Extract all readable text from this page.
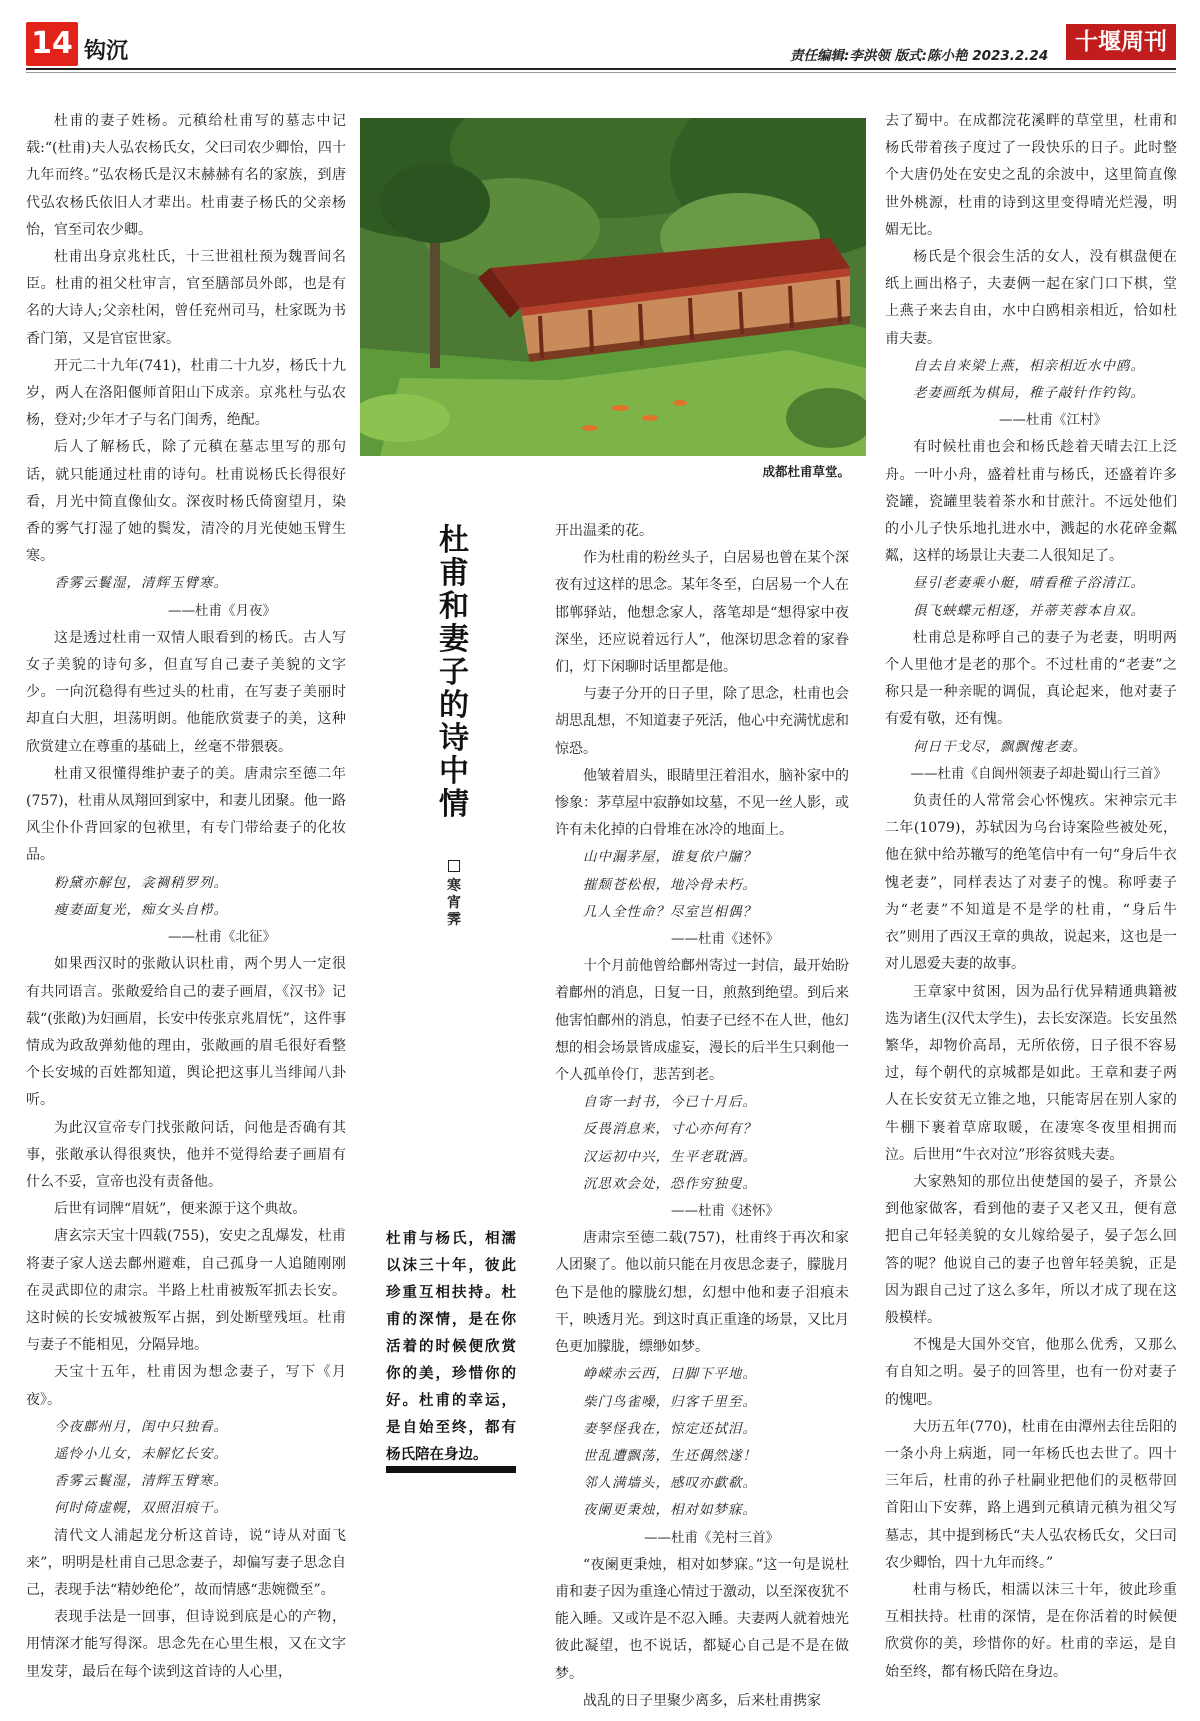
14 钩沉	责任编辑:李洪领 版式:陈小艳 2023.2.24
十堰周刊

杜甫的妻子姓杨。元稹给杜甫写的墓志中记载:“(杜甫)夫人弘农杨氏女，父曰司农少卿怡，四十九年而终。”弘农杨氏是汉末赫赫有名的家族，到唐代弘农杨氏依旧人才辈出。杜甫妻子杨氏的父亲杨怡，官至司农少卿。

杜甫出身京兆杜氏，十三世祖杜预为魏晋间名臣。杜甫的祖父杜审言，官至膳部员外郎，也是有名的大诗人;父亲杜闲，曾任兖州司马，杜家既为书香门第，又是官宦世家。

开元二十九年(741)，杜甫二十九岁，杨氏十九岁，两人在洛阳偃师首阳山下成亲。京兆杜与弘农杨，登对;少年才子与名门闺秀，绝配。

后人了解杨氏，除了元稹在墓志里写的那句话，就只能通过杜甫的诗句。杜甫说杨氏长得很好看，月光中简直像仙女。深夜时杨氏倚窗望月，染香的雾气打湿了她的鬓发，清冷的月光使她玉臂生寒。

香雾云鬟湿，清辉玉臂寒。

——杜甫《月夜》

这是透过杜甫一双情人眼看到的杨氏。古人写女子美貌的诗句多，但直写自己妻子美貌的文字少。一向沉稳得有些过头的杜甫，在写妻子美丽时却直白大胆，坦荡明朗。他能欣赏妻子的美，这种欣赏建立在尊重的基础上，丝毫不带猥亵。

杜甫又很懂得维护妻子的美。唐肃宗至德二年(757)，杜甫从凤翔回到家中，和妻儿团聚。他一路风尘仆仆背回家的包袱里，有专门带给妻子的化妆品。

粉黛亦解包，衾裯稍罗列。

瘦妻面复光，痴女头自栉。

——杜甫《北征》

如果西汉时的张敞认识杜甫，两个男人一定很有共同语言。张敞爱给自己的妻子画眉，《汉书》记载“(张敞)为妇画眉，长安中传张京兆眉怃”，这件事情成为政敌弹劾他的理由，张敞画的眉毛很好看整个长安城的百姓都知道，舆论把这事儿当绯闻八卦听。

为此汉宣帝专门找张敞问话，问他是否确有其事，张敞承认得很爽快，他并不觉得给妻子画眉有什么不妥，宣帝也没有责备他。

后世有词牌“眉妩”，便来源于这个典故。

唐玄宗天宝十四载(755)，安史之乱爆发，杜甫将妻子家人送去鄜州避难，自己孤身一人追随刚刚在灵武即位的肃宗。半路上杜甫被叛军抓去长安。这时候的长安城被叛军占据，到处断壁残垣。杜甫与妻子不能相见，分隔异地。

天宝十五年，杜甫因为想念妻子，写下《月夜》。

今夜鄜州月，闺中只独看。

遥怜小儿女，未解忆长安。

香雾云鬟湿，清辉玉臂寒。

何时倚虚幌，双照泪痕干。

清代文人浦起龙分析这首诗，说“诗从对面飞来”，明明是杜甫自己思念妻子，却偏写妻子思念自己，表现手法“精妙绝伦”，故而情感“悲婉微至”。

表现手法是一回事，但诗说到底是心的产物，用情深才能写得深。思念先在心里生根，又在文字里发芽，最后在每个读到这首诗的人心里，

成都杜甫草堂。
杜甫和妻子的诗中情
寒宵霁
杜甫与杨氏，相濡以沫三十年，彼此珍重互相扶持。杜甫的深情，是在你活着的时候便欣赏你的美，珍惜你的好。杜甫的幸运，是自始至终，都有杨氏陪在身边。

开出温柔的花。

作为杜甫的粉丝头子，白居易也曾在某个深夜有过这样的思念。某年冬至，白居易一个人在邯郸驿站，他想念家人，落笔却是“想得家中夜深坐，还应说着远行人”，他深切思念着的家眷们，灯下闲聊时话里都是他。

与妻子分开的日子里，除了思念，杜甫也会胡思乱想，不知道妻子死活，他心中充满忧虑和惊恐。

他皱着眉头，眼睛里汪着泪水，脑补家中的惨象：茅草屋中寂静如坟墓，不见一丝人影，或许有未化掉的白骨堆在冰冷的地面上。

山中漏茅屋，谁复依户牖？

摧颓苍松根，地冷骨未朽。

几人全性命？尽室岂相偶？

——杜甫《述怀》

十个月前他曾给鄜州寄过一封信，最开始盼着鄜州的消息，日复一日，煎熬到绝望。到后来他害怕鄜州的消息，怕妻子已经不在人世，他幻想的相会场景皆成虚妄，漫长的后半生只剩他一个人孤单伶仃，悲苦到老。

自寄一封书，今已十月后。

反畏消息来，寸心亦何有？

汉运初中兴，生平老耽酒。

沉思欢会处，恐作穷独叟。

——杜甫《述怀》

唐肃宗至德二载(757)，杜甫终于再次和家人团聚了。他以前只能在月夜思念妻子，朦胧月色下是他的朦胧幻想，幻想中他和妻子泪痕未干，映透月光。到这时真正重逢的场景，又比月色更加朦胧，缥缈如梦。

峥嵘赤云西，日脚下平地。

柴门鸟雀噪，归客千里至。

妻孥怪我在，惊定还拭泪。

世乱遭飘荡，生还偶然遂！

邻人满墙头，感叹亦歔欷。

夜阑更秉烛，相对如梦寐。

——杜甫《羌村三首》

“夜阑更秉烛，相对如梦寐。”这一句是说杜甫和妻子因为重逢心情过于激动，以至深夜犹不能入睡。又或许是不忍入睡。夫妻两人就着烛光彼此凝望，也不说话，都疑心自己是不是在做梦。

战乱的日子里聚少离多，后来杜甫携家

去了蜀中。在成都浣花溪畔的草堂里，杜甫和杨氏带着孩子度过了一段快乐的日子。此时整个大唐仍处在安史之乱的余波中，这里简直像世外桃源，杜甫的诗到这里变得晴光烂漫，明媚无比。

杨氏是个很会生活的女人，没有棋盘便在纸上画出格子，夫妻俩一起在家门口下棋，堂上燕子来去自由，水中白鸥相亲相近，恰如杜甫夫妻。

自去自来梁上燕，相亲相近水中鸥。

老妻画纸为棋局，稚子敲针作钓钩。

——杜甫《江村》

有时候杜甫也会和杨氏趁着天晴去江上泛舟。一叶小舟，盛着杜甫与杨氏，还盛着许多瓷罐，瓷罐里装着茶水和甘蔗汁。不远处他们的小儿子快乐地扎进水中，溅起的水花碎金粼粼，这样的场景让夫妻二人很知足了。

昼引老妻乘小艇，晴看稚子浴清江。

俱飞蛱蝶元相逐，并蒂芙蓉本自双。

杜甫总是称呼自己的妻子为老妻，明明两个人里他才是老的那个。不过杜甫的“老妻”之称只是一种亲昵的调侃，真论起来，他对妻子有爱有敬，还有愧。

何日干戈尽，飘飘愧老妻。

——杜甫《自阆州领妻子却赴蜀山行三首》

负责任的人常常会心怀愧疚。宋神宗元丰二年(1079)，苏轼因为乌台诗案险些被处死，他在狱中给苏辙写的绝笔信中有一句“身后牛衣愧老妻”，同样表达了对妻子的愧。称呼妻子为“老妻”不知道是不是学的杜甫，“身后牛衣”则用了西汉王章的典故，说起来，这也是一对儿恩爱夫妻的故事。

王章家中贫困，因为品行优异精通典籍被选为诸生(汉代太学生)，去长安深造。长安虽然繁华，却物价高昂，无所依傍，日子很不容易过，每个朝代的京城都是如此。王章和妻子两人在长安贫无立锥之地，只能寄居在别人家的牛棚下裹着草席取暖，在凄寒冬夜里相拥而泣。后世用“牛衣对泣”形容贫贱夫妻。

大家熟知的那位出使楚国的晏子，齐景公到他家做客，看到他的妻子又老又丑，便有意把自己年轻美貌的女儿嫁给晏子，晏子怎么回答的呢？他说自己的妻子也曾年轻美貌，正是因为跟自己过了这么多年，所以才成了现在这般模样。

不愧是大国外交官，他那么优秀，又那么有自知之明。晏子的回答里，也有一份对妻子的愧吧。

大历五年(770)，杜甫在由潭州去往岳阳的一条小舟上病逝，同一年杨氏也去世了。四十三年后，杜甫的孙子杜嗣业把他们的灵柩带回首阳山下安葬，路上遇到元稹请元稹为祖父写墓志，其中提到杨氏“夫人弘农杨氏女，父曰司农少卿怡，四十九年而终。”

杜甫与杨氏，相濡以沫三十年，彼此珍重互相扶持。杜甫的深情，是在你活着的时候便欣赏你的美，珍惜你的好。杜甫的幸运，是自始至终，都有杨氏陪在身边。
